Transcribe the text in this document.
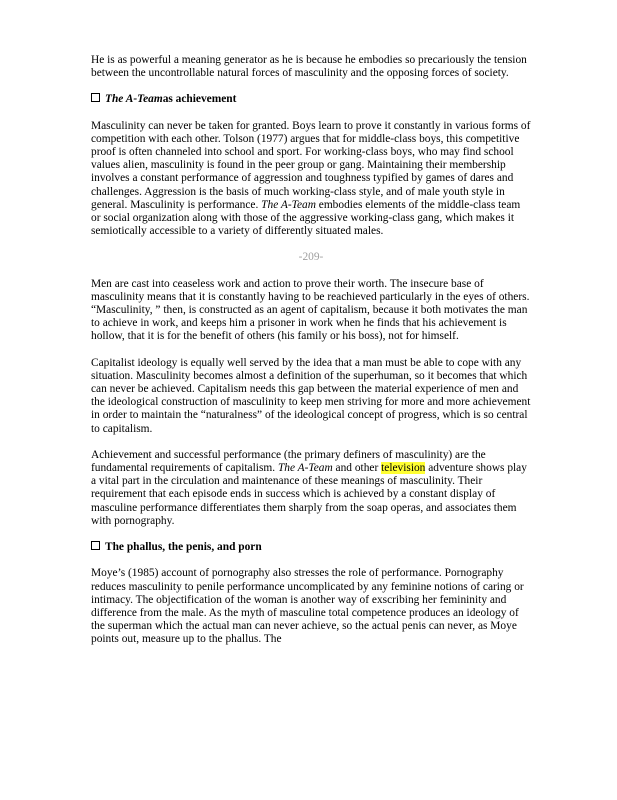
He is as powerful a meaning generator as he is because he embodies so precariously the tension between the uncontrollable natural forces of masculinity and the opposing forces of society.

The A-Teamas achievement

Masculinity can never be taken for granted. Boys learn to prove it constantly in various forms of competition with each other. Tolson (1977) argues that for middle-class boys, this competitive proof is often channeled into school and sport. For working-class boys, who may find school values alien, masculinity is found in the peer group or gang. Maintaining their membership involves a constant performance of aggression and toughness typified by games of dares and challenges. Aggression is the basis of much working-class style, and of male youth style in general. Masculinity is performance. The A-Team embodies elements of the middle-class team or social organization along with those of the aggressive working-class gang, which makes it semiotically accessible to a variety of differently situated males.

-209-

Men are cast into ceaseless work and action to prove their worth. The insecure base of masculinity means that it is constantly having to be reachieved particularly in the eyes of others. “Masculinity, ” then, is constructed as an agent of capitalism, because it both motivates the man to achieve in work, and keeps him a prisoner in work when he finds that his achievement is hollow, that it is for the benefit of others (his family or his boss), not for himself.

Capitalist ideology is equally well served by the idea that a man must be able to cope with any situation. Masculinity becomes almost a definition of the superhuman, so it becomes that which can never be achieved. Capitalism needs this gap between the material experience of men and the ideological construction of masculinity to keep men striving for more and more achievement in order to maintain the “naturalness” of the ideological concept of progress, which is so central to capitalism.

Achievement and successful performance (the primary definers of masculinity) are the fundamental requirements of capitalism. The A-Team and other television adventure shows play a vital part in the circulation and maintenance of these meanings of masculinity. Their requirement that each episode ends in success which is achieved by a constant display of masculine performance differentiates them sharply from the soap operas, and associates them with pornography.

The phallus, the penis, and porn

Moye’s (1985) account of pornography also stresses the role of performance. Pornography reduces masculinity to penile performance uncomplicated by any feminine notions of caring or intimacy. The objectification of the woman is another way of exscribing her femininity and difference from the male. As the myth of masculine total competence produces an ideology of the superman which the actual man can never achieve, so the actual penis can never, as Moye points out, measure up to the phallus. The
